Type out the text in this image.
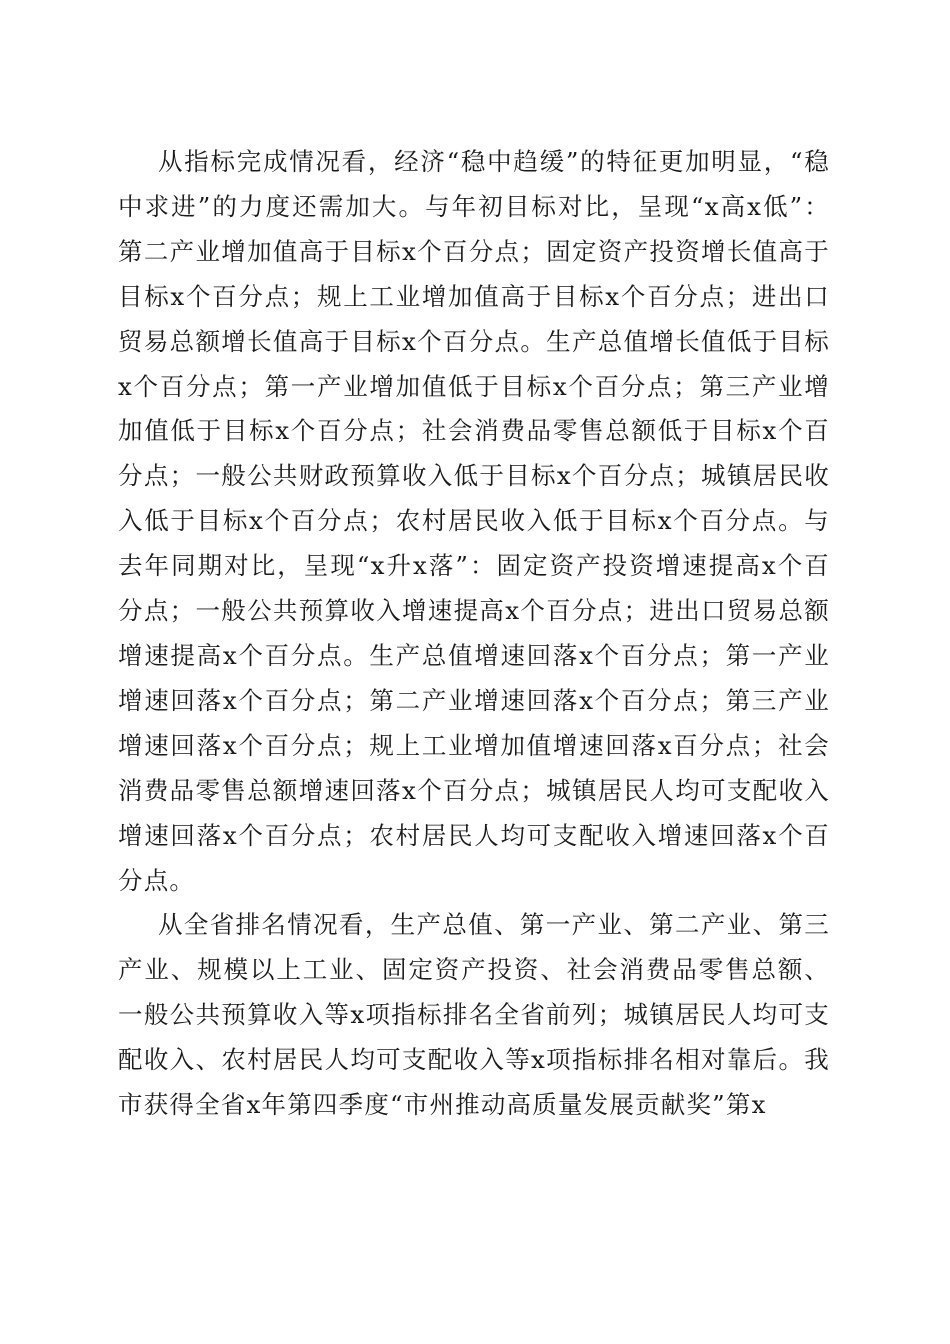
从指标完成情况看，经济“稳中趋缓”的特征更加明显，“稳中求进”的力度还需加大。与年初目标对比，呈现“x高x低”：第二产业增加值高于目标x个百分点；固定资产投资增长值高于目标x个百分点；规上工业增加值高于目标x个百分点；进出口贸易总额增长值高于目标x个百分点。生产总值增长值低于目标x个百分点；第一产业增加值低于目标x个百分点；第三产业增加值低于目标x个百分点；社会消费品零售总额低于目标x个百分点；一般公共财政预算收入低于目标x个百分点；城镇居民收入低于目标x个百分点；农村居民收入低于目标x个百分点。与去年同期对比，呈现“x升x落”：固定资产投资增速提高x个百分点；一般公共预算收入增速提高x个百分点；进出口贸易总额增速提高x个百分点。生产总值增速回落x个百分点；第一产业增速回落x个百分点；第二产业增速回落x个百分点；第三产业增速回落x个百分点；规上工业增加值增速回落x百分点；社会消费品零售总额增速回落x个百分点；城镇居民人均可支配收入增速回落x个百分点；农村居民人均可支配收入增速回落x个百分点。

从全省排名情况看，生产总值、第一产业、第二产业、第三产业、规模以上工业、固定资产投资、社会消费品零售总额、一般公共预算收入等x项指标排名全省前列；城镇居民人均可支配收入、农村居民人均可支配收入等x项指标排名相对靠后。我市获得全省x年第四季度“市州推动高质量发展贡献奖”第x
